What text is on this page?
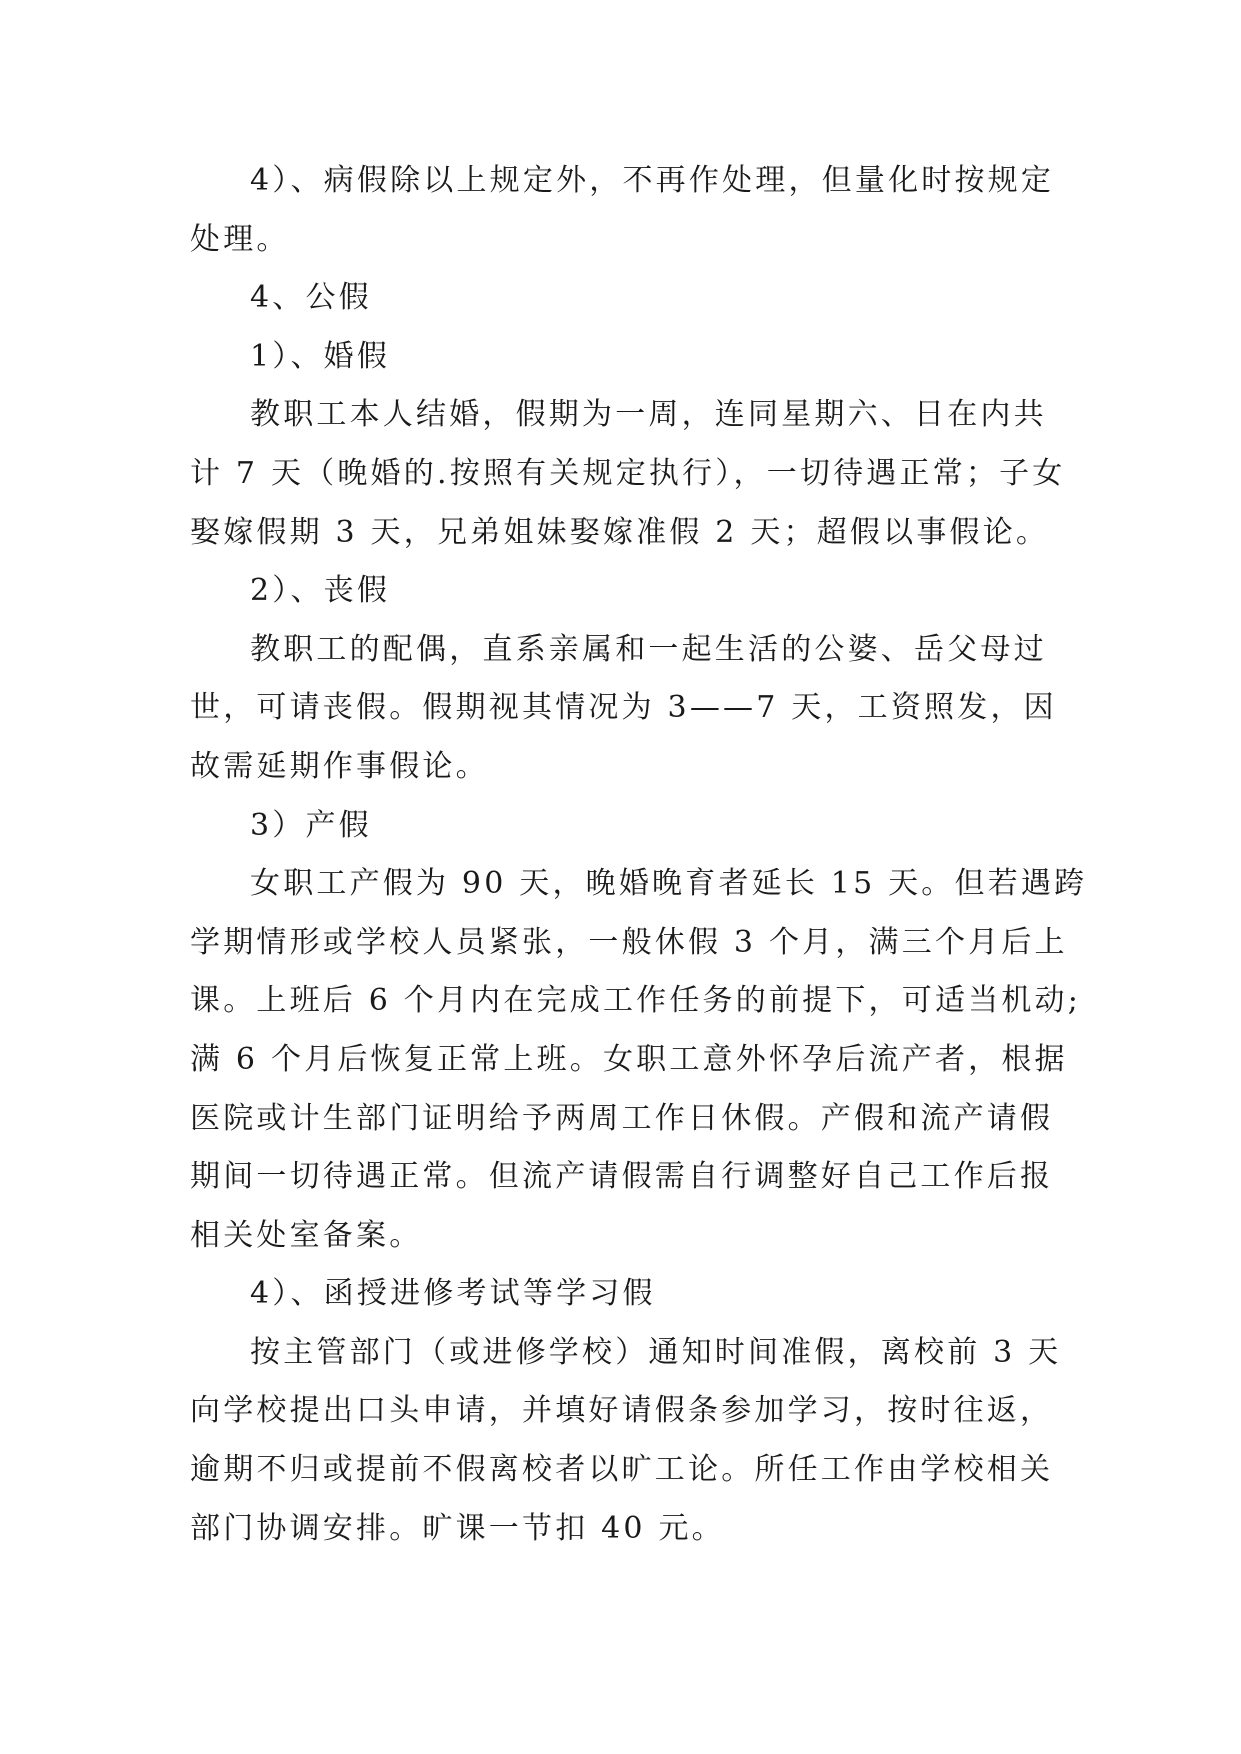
4）、病假除以上规定外，不再作处理，但量化时按规定
处理。
4、公假
1）、婚假
教职工本人结婚，假期为一周，连同星期六、日在内共
计 7 天（晚婚的.按照有关规定执行），一切待遇正常；子女
娶嫁假期 3 天，兄弟姐妹娶嫁准假 2 天；超假以事假论。
2）、丧假
教职工的配偶，直系亲属和一起生活的公婆、岳父母过
世，可请丧假。假期视其情况为 3——7 天，工资照发，因
故需延期作事假论。
3）产假
女职工产假为 90 天，晚婚晚育者延长 15 天。但若遇跨
学期情形或学校人员紧张，一般休假 3 个月，满三个月后上
课。上班后 6 个月内在完成工作任务的前提下，可适当机动;
满 6 个月后恢复正常上班。女职工意外怀孕后流产者，根据
医院或计生部门证明给予两周工作日休假。产假和流产请假
期间一切待遇正常。但流产请假需自行调整好自己工作后报
相关处室备案。
4）、函授进修考试等学习假
按主管部门（或进修学校）通知时间准假，离校前 3 天
向学校提出口头申请，并填好请假条参加学习，按时往返，
逾期不归或提前不假离校者以旷工论。所任工作由学校相关
部门协调安排。旷课一节扣 40 元。
